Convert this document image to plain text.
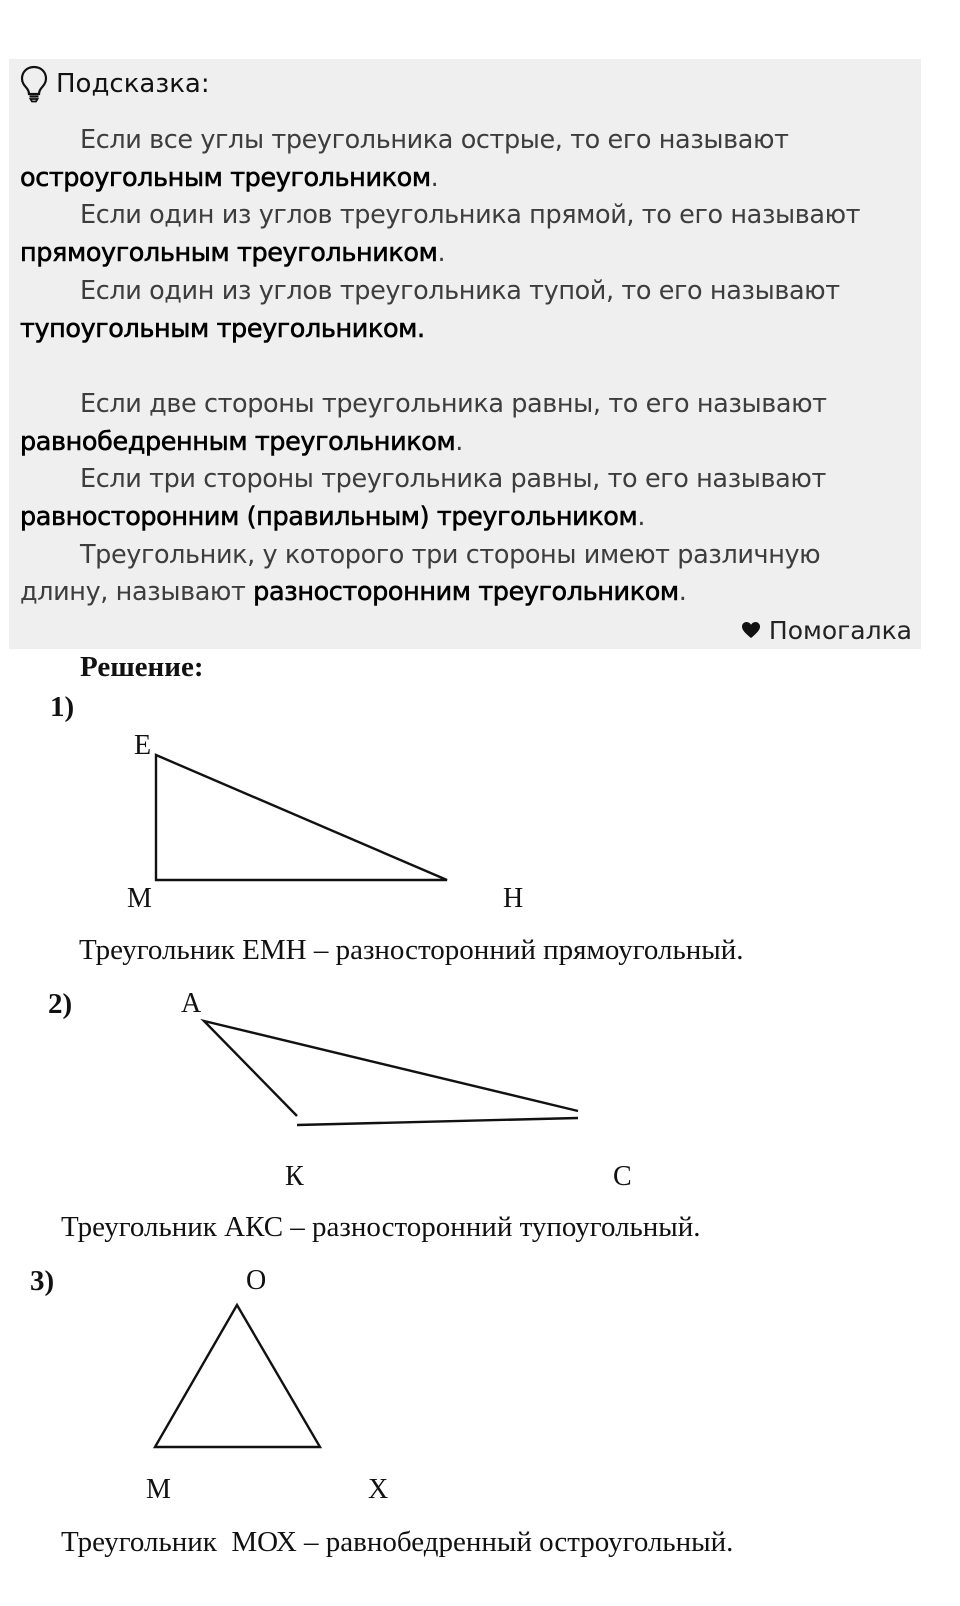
Подсказка:

Если все углы треугольника острые, то его называют остроугольным треугольником.

Если один из углов треугольника прямой, то его называют прямоугольным треугольником.

Если один из углов треугольника тупой, то его называют тупоугольным треугольником.

Если две стороны треугольника равны, то его называют равнобедренным треугольником.

Если три стороны треугольника равны, то его называют равносторонним (правильным) треугольником.

Треугольник, у которого три стороны имеют различную длину, называют разносторонним треугольником.

Помогалка
Решение:
1)
E
M	Н
Треугольник ЕМН – разносторонний прямоугольный.
2)	А
К	С
Треугольник АКС – разносторонний тупоугольный.
3)	О
М	Х
Треугольник  МОХ – равнобедренный остроугольный.
